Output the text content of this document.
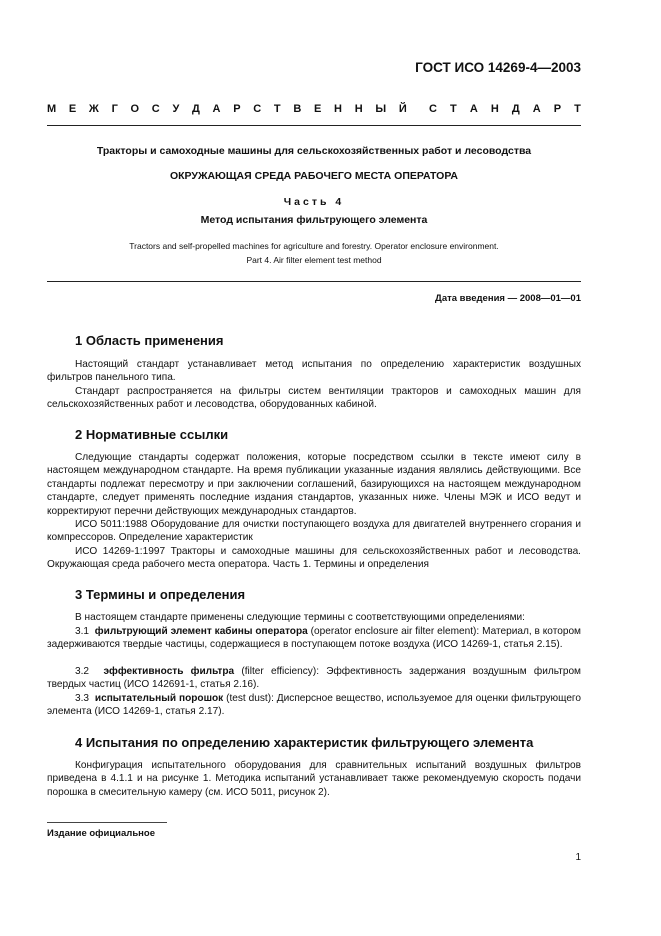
ГОСТ ИСО 14269-4—2003
М Е Ж Г О С У Д А Р С Т В Е Н Н Ы Й С Т А Н Д А Р Т
Тракторы и самоходные машины для сельскохозяйственных работ и лесоводства
ОКРУЖАЮЩАЯ СРЕДА РАБОЧЕГО МЕСТА ОПЕРАТОРА
Часть 4
Метод испытания фильтрующего элемента
Tractors and self-propelled machines for agriculture and forestry. Operator enclosure environment.
Part 4. Air filter element test method
Дата введения — 2008—01—01
1 Область применения

Настоящий стандарт устанавливает метод испытания по определению характеристик воздушных фильтров панельного типа.

Стандарт распространяется на фильтры систем вентиляции тракторов и самоходных машин для сельскохозяйственных работ и лесоводства, оборудованных кабиной.

2 Нормативные ссылки

Следующие стандарты содержат положения, которые посредством ссылки в тексте имеют силу в настоящем международном стандарте. На время публикации указанные издания являлись действующими. Все стандарты подлежат пересмотру и при заключении соглашений, базирующихся на настоящем международном стандарте, следует применять последние издания стандартов, указанных ниже. Члены МЭК и ИСО ведут и корректируют перечни действующих международных стандартов.

ИСО 5011:1988 Оборудование для очистки поступающего воздуха для двигателей внутреннего сгорания и компрессоров. Определение характеристик

ИСО 14269-1:1997 Тракторы и самоходные машины для сельскохозяйственных работ и лесоводства. Окружающая среда рабочего места оператора. Часть 1. Термины и определения

3 Термины и определения

В настоящем стандарте применены следующие термины с соответствующими определениями:

3.1 фильтрующий элемент кабины оператора (operator enclosure air filter element): Материал, в котором задерживаются твердые частицы, содержащиеся в поступающем потоке воздуха (ИСО 14269-1, статья 2.15).

3.2 эффективность фильтра (filter efficiency): Эффективность задержания воздушным фильтром твердых частиц (ИСО 142691-1, статья 2.16).

3.3 испытательный порошок (test dust): Дисперсное вещество, используемое для оценки фильтрующего элемента (ИСО 14269-1, статья 2.17).

4 Испытания по определению характеристик фильтрующего элемента

Конфигурация испытательного оборудования для сравнительных испытаний воздушных фильтров приведена в 4.1.1 и на рисунке 1. Методика испытаний устанавливает также рекомендуемую скорость подачи порошка в смесительную камеру (см. ИСО 5011, рисунок 2).

Издание официальное
1
